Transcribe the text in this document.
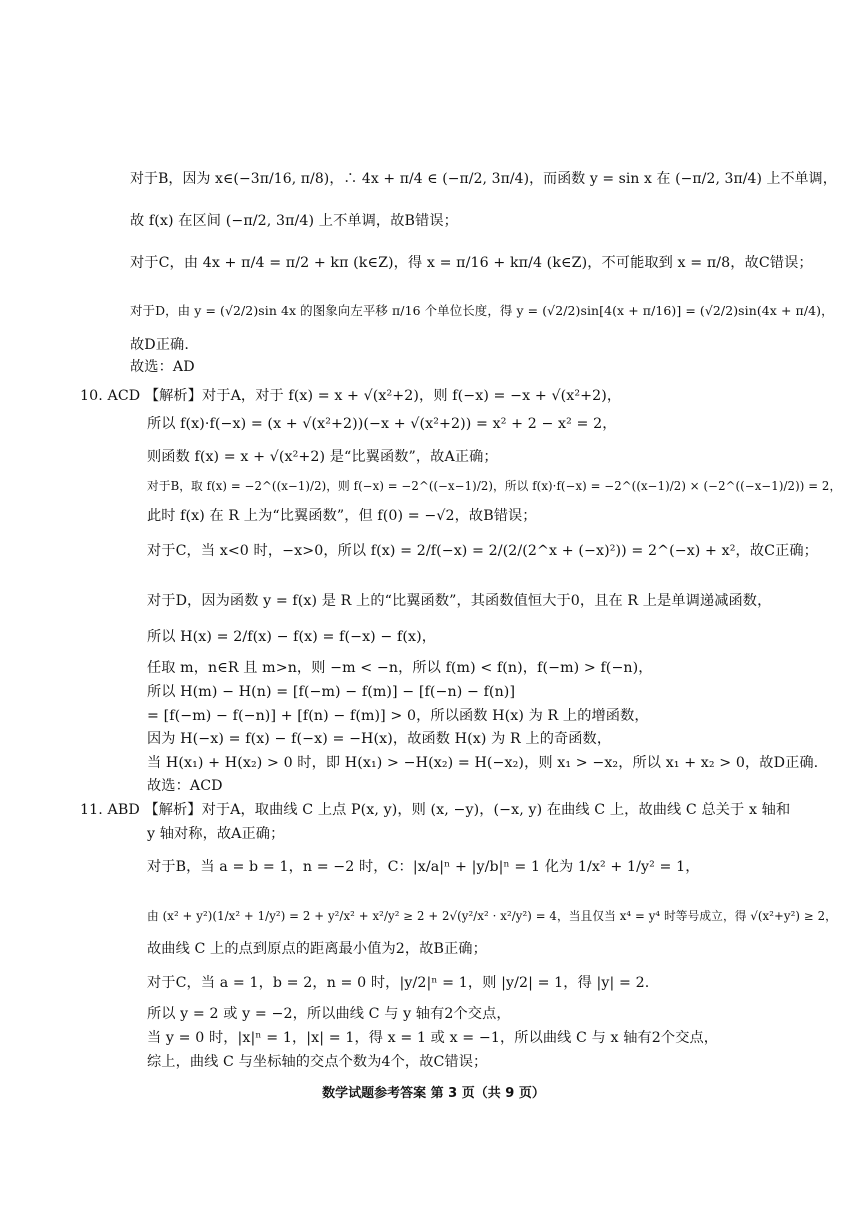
对于B，因为 x∈(−3π/16, π/8)，∴ 4x + π/4 ∈ (−π/2, 3π/4)，而函数 y = sin x 在 (−π/2, 3π/4) 上不单调，
故 f(x) 在区间 (−π/2, 3π/4) 上不单调，故B错误；
对于C，由 4x + π/4 = π/2 + kπ (k∈Z)，得 x = π/16 + kπ/4 (k∈Z)，不可能取到 x = π/8，故C错误；
对于D，由 y = (√2/2)sin 4x 的图象向左平移 π/16 个单位长度，得 y = (√2/2)sin[4(x + π/16)] = (√2/2)sin(4x + π/4)，
故D正确.
故选：AD
10. ACD 【解析】对于A，对于 f(x) = x + √(x²+2)，则 f(−x) = −x + √(x²+2)，
所以 f(x)·f(−x) = (x + √(x²+2))(−x + √(x²+2)) = x² + 2 − x² = 2，
则函数 f(x) = x + √(x²+2) 是“比翼函数”，故A正确；
对于B，取 f(x) = −2^((x−1)/2)，则 f(−x) = −2^((−x−1)/2)，所以 f(x)·f(−x) = −2^((x−1)/2) × (−2^((−x−1)/2)) = 2，
此时 f(x) 在 R 上为“比翼函数”，但 f(0) = −√2，故B错误；
对于C，当 x<0 时，−x>0，所以 f(x) = 2/f(−x) = 2/(2/(2^x + (−x)²)) = 2^(−x) + x²，故C正确；
对于D，因为函数 y = f(x) 是 R 上的“比翼函数”，其函数值恒大于0，且在 R 上是单调递减函数，
所以 H(x) = 2/f(x) − f(x) = f(−x) − f(x)，
任取 m，n∈R 且 m>n，则 −m < −n，所以 f(m) < f(n)，f(−m) > f(−n)，
所以 H(m) − H(n) = [f(−m) − f(m)] − [f(−n) − f(n)]
= [f(−m) − f(−n)] + [f(n) − f(m)] > 0，所以函数 H(x) 为 R 上的增函数，
因为 H(−x) = f(x) − f(−x) = −H(x)，故函数 H(x) 为 R 上的奇函数，
当 H(x₁) + H(x₂) > 0 时，即 H(x₁) > −H(x₂) = H(−x₂)，则 x₁ > −x₂，所以 x₁ + x₂ > 0，故D正确.
故选：ACD
11. ABD 【解析】对于A，取曲线 C 上点 P(x, y)，则 (x, −y)，(−x, y) 在曲线 C 上，故曲线 C 总关于 x 轴和
y 轴对称，故A正确；
对于B，当 a = b = 1，n = −2 时，C：|x/a|ⁿ + |y/b|ⁿ = 1 化为 1/x² + 1/y² = 1，
由 (x² + y²)(1/x² + 1/y²) = 2 + y²/x² + x²/y² ≥ 2 + 2√(y²/x² · x²/y²) = 4，当且仅当 x⁴ = y⁴ 时等号成立，得 √(x²+y²) ≥ 2，
故曲线 C 上的点到原点的距离最小值为2，故B正确；
对于C，当 a = 1，b = 2，n = 0 时，|y/2|ⁿ = 1，则 |y/2| = 1，得 |y| = 2.
所以 y = 2 或 y = −2，所以曲线 C 与 y 轴有2个交点，
当 y = 0 时，|x|ⁿ = 1，|x| = 1，得 x = 1 或 x = −1，所以曲线 C 与 x 轴有2个交点，
综上，曲线 C 与坐标轴的交点个数为4个，故C错误；
数学试题参考答案 第 3 页（共 9 页）
